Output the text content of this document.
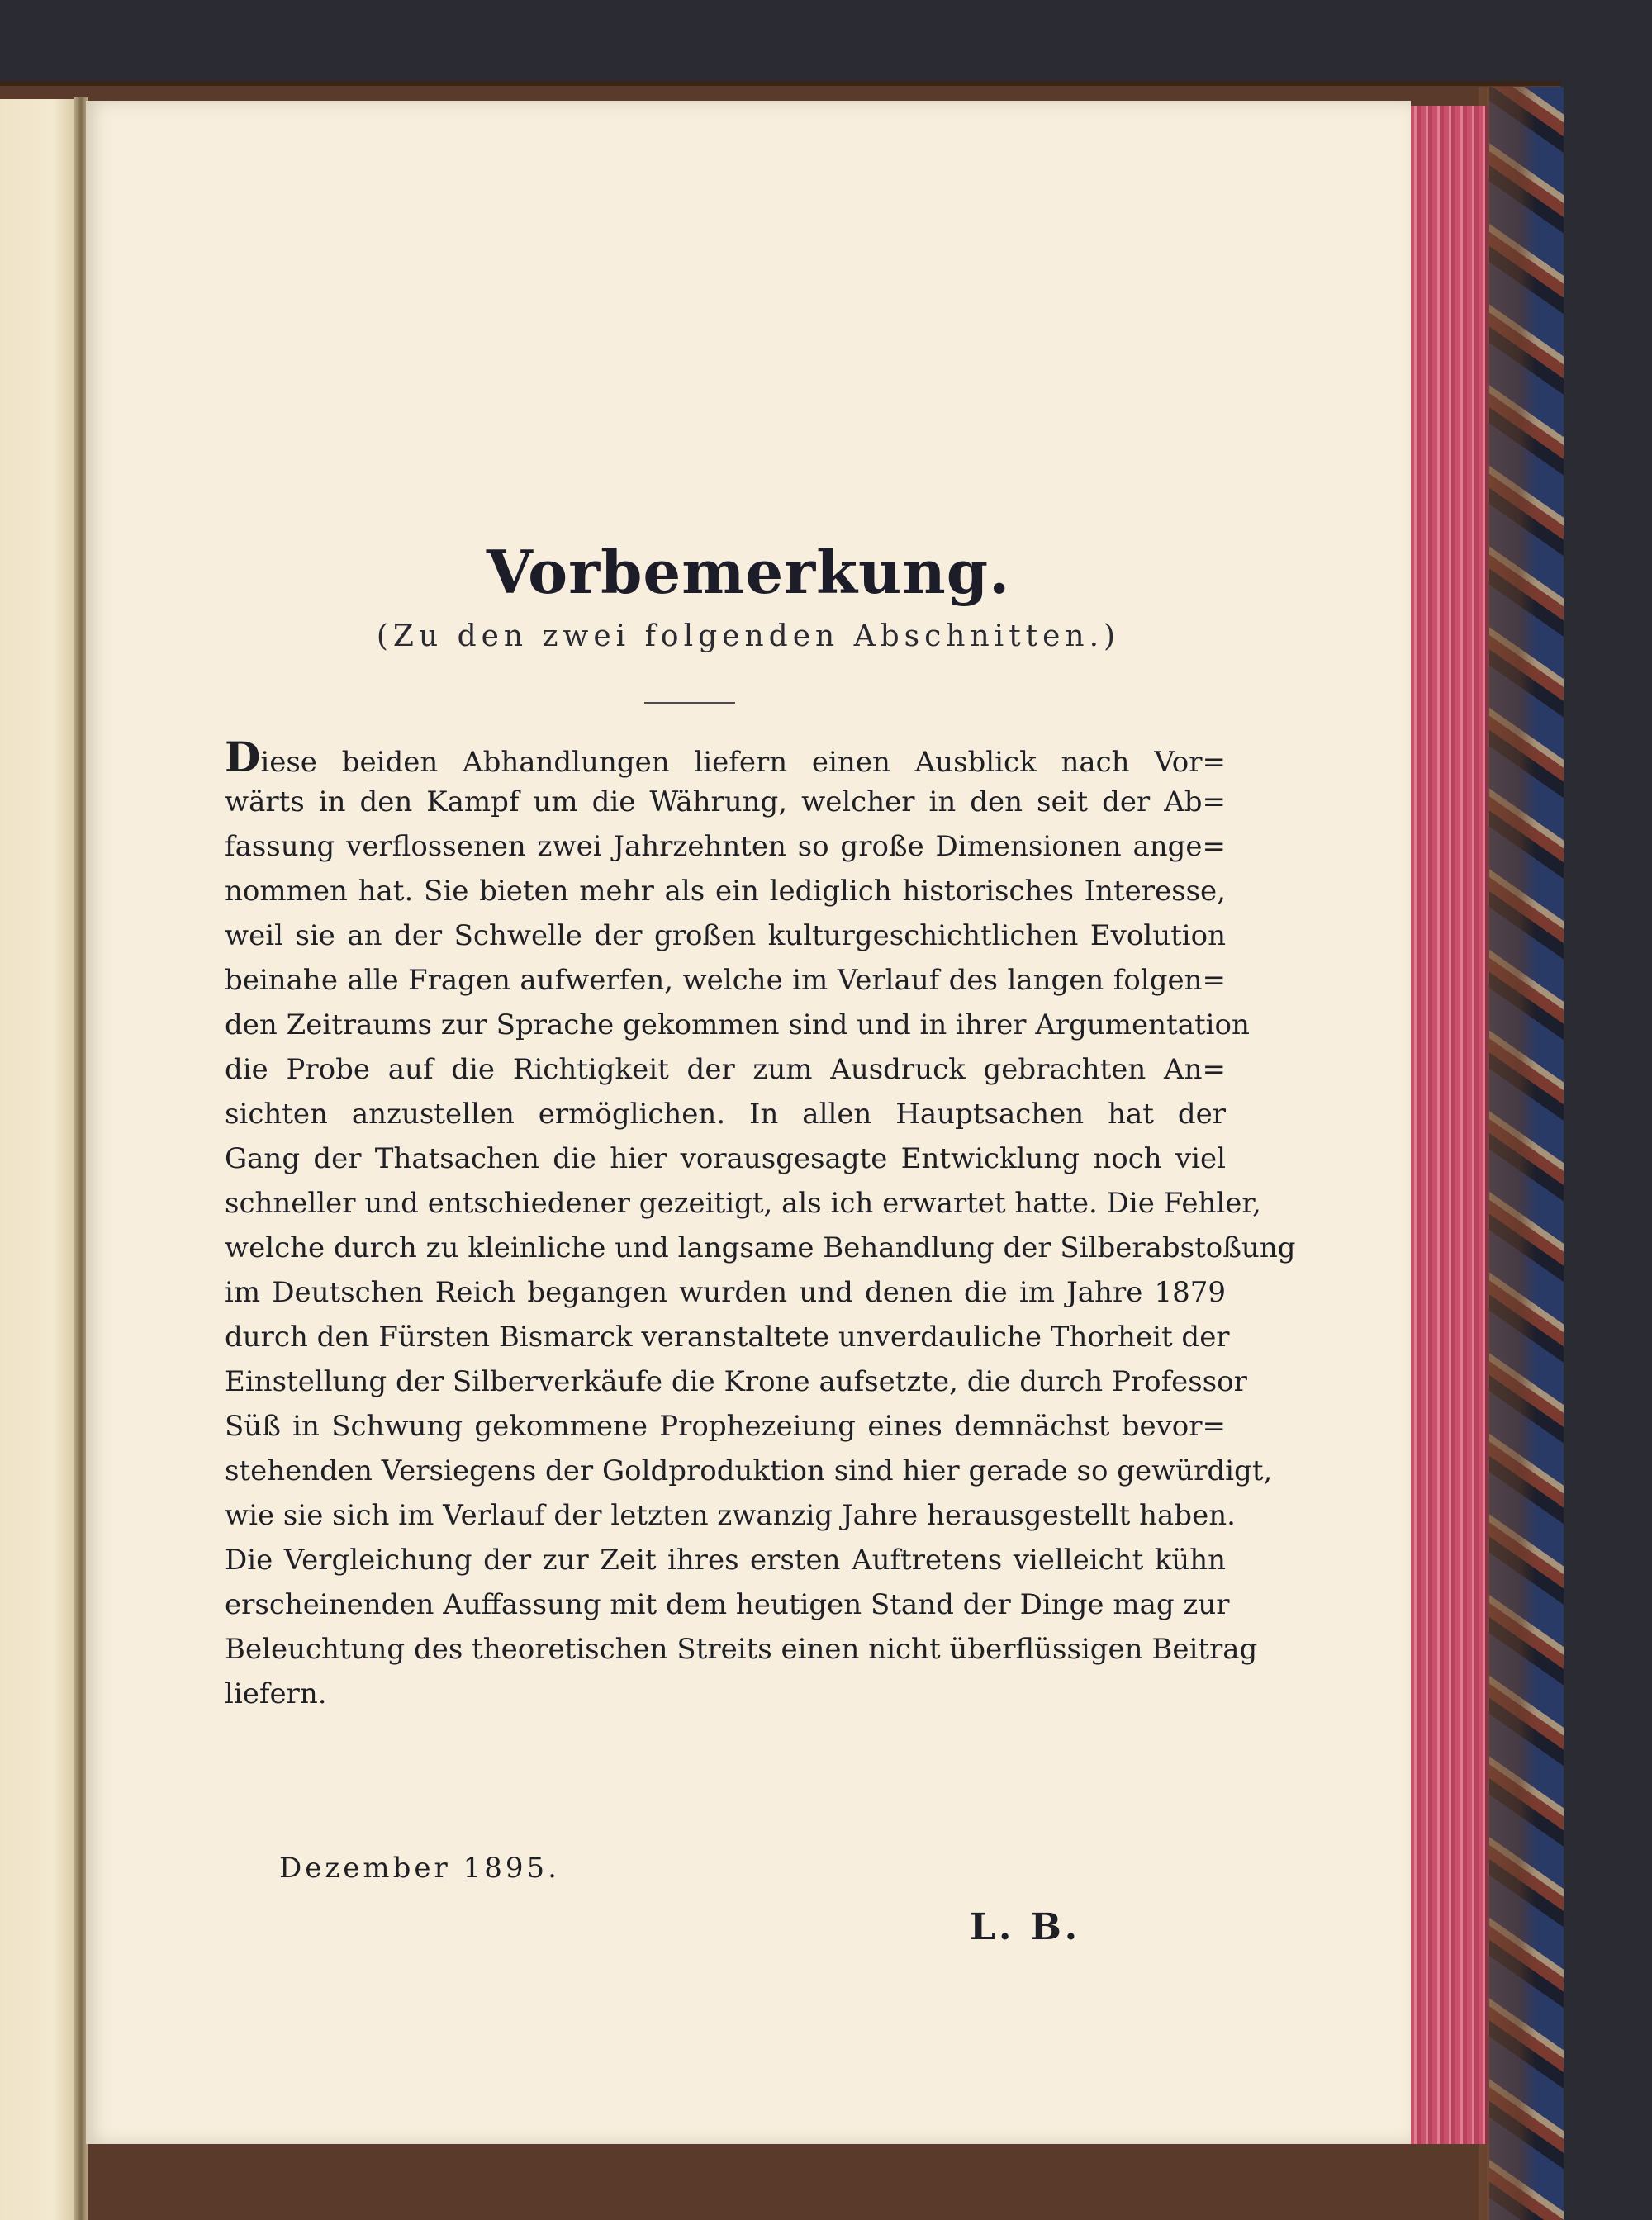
Vorbemerkung.
(Zu den zwei folgenden Abschnitten.)
Diese beiden Abhandlungen liefern einen Ausblick nach Vor=
wärts in den Kampf um die Währung, welcher in den seit der Ab=
fassung verflossenen zwei Jahrzehnten so große Dimensionen ange=
nommen hat. Sie bieten mehr als ein lediglich historisches Interesse,
weil sie an der Schwelle der großen kulturgeschichtlichen Evolution
beinahe alle Fragen aufwerfen, welche im Verlauf des langen folgen=
den Zeitraums zur Sprache gekommen sind und in ihrer Argumentation
die Probe auf die Richtigkeit der zum Ausdruck gebrachten An=
sichten anzustellen ermöglichen. In allen Hauptsachen hat der
Gang der Thatsachen die hier vorausgesagte Entwicklung noch viel
schneller und entschiedener gezeitigt, als ich erwartet hatte. Die Fehler,
welche durch zu kleinliche und langsame Behandlung der Silberabstoßung
im Deutschen Reich begangen wurden und denen die im Jahre 1879
durch den Fürsten Bismarck veranstaltete unverdauliche Thorheit der
Einstellung der Silberverkäufe die Krone aufsetzte, die durch Professor
Süß in Schwung gekommene Prophezeiung eines demnächst bevor=
stehenden Versiegens der Goldproduktion sind hier gerade so gewürdigt,
wie sie sich im Verlauf der letzten zwanzig Jahre herausgestellt haben.
Die Vergleichung der zur Zeit ihres ersten Auftretens vielleicht kühn
erscheinenden Auffassung mit dem heutigen Stand der Dinge mag zur
Beleuchtung des theoretischen Streits einen nicht überflüssigen Beitrag
liefern.
Dezember 1895.
L. B.
